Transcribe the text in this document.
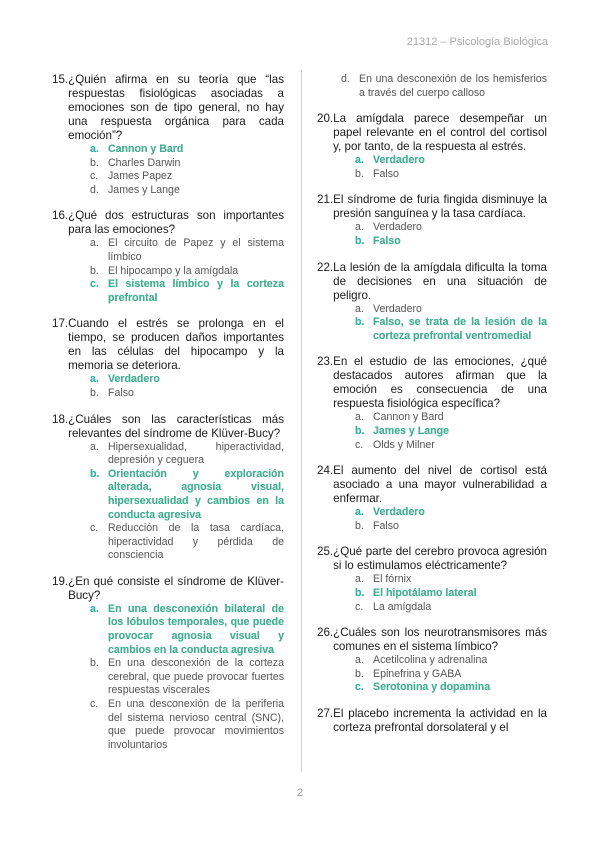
21312 – Psicología Biológica
15. ¿Quién afirma en su teoría que “las respuestas fisiológicas asociadas a emociones son de tipo general, no hay una respuesta orgánica para cada emoción”?
a. Cannon y Bard
b. Charles Darwin
c. James Papez
d. James y Lange
16. ¿Qué dos estructuras son importantes para las emociones?
a. El circuito de Papez y el sistema límbico
b. El hipocampo y la amígdala
c. El sistema límbico y la corteza prefrontal
17. Cuando el estrés se prolonga en el tiempo, se producen daños importantes en las células del hipocampo y la memoria se deteriora.
a. Verdadero
b. Falso
18. ¿Cuáles son las características más relevantes del síndrome de Klüver-Bucy?
a. Hipersexualidad, hiperactividad, depresión y ceguera
b. Orientación y exploración alterada, agnosia visual, hipersexualidad y cambios en la conducta agresiva
c. Reducción de la tasa cardíaca, hiperactividad y pérdida de consciencia
19. ¿En qué consiste el síndrome de Klüver-Bucy?
a. En una desconexión bilateral de los lóbulos temporales, que puede provocar agnosia visual y cambios en la conducta agresiva
b. En una desconexión de la corteza cerebral, que puede provocar fuertes respuestas viscerales
c. En una desconexión de la periferia del sistema nervioso central (SNC), que puede provocar movimientos involuntarios
d. En una desconexión de los hemisferios a través del cuerpo calloso
20. La amígdala parece desempeñar un papel relevante en el control del cortisol y, por tanto, de la respuesta al estrés.
a. Verdadero
b. Falso
21. El síndrome de furia fingida disminuye la presión sanguínea y la tasa cardíaca.
a. Verdadero
b. Falso
22. La lesión de la amígdala dificulta la toma de decisiones en una situación de peligro.
a. Verdadero
b. Falso, se trata de la lesión de la corteza prefrontal ventromedial
23. En el estudio de las emociones, ¿qué destacados autores afirman que la emoción es consecuencia de una respuesta fisiológica específica?
a. Cannon y Bard
b. James y Lange
c. Olds y Milner
24. El aumento del nivel de cortisol está asociado a una mayor vulnerabilidad a enfermar.
a. Verdadero
b. Falso
25. ¿Qué parte del cerebro provoca agresión si lo estimulamos eléctricamente?
a. El fórnix
b. El hipotálamo lateral
c. La amígdala
26. ¿Cuáles son los neurotransmisores más comunes en el sistema límbico?
a. Acetilcolina y adrenalina
b. Epinefrina y GABA
c. Serotonina y dopamina
27. El placebo incrementa la actividad en la corteza prefrontal dorsolateral y el
2
